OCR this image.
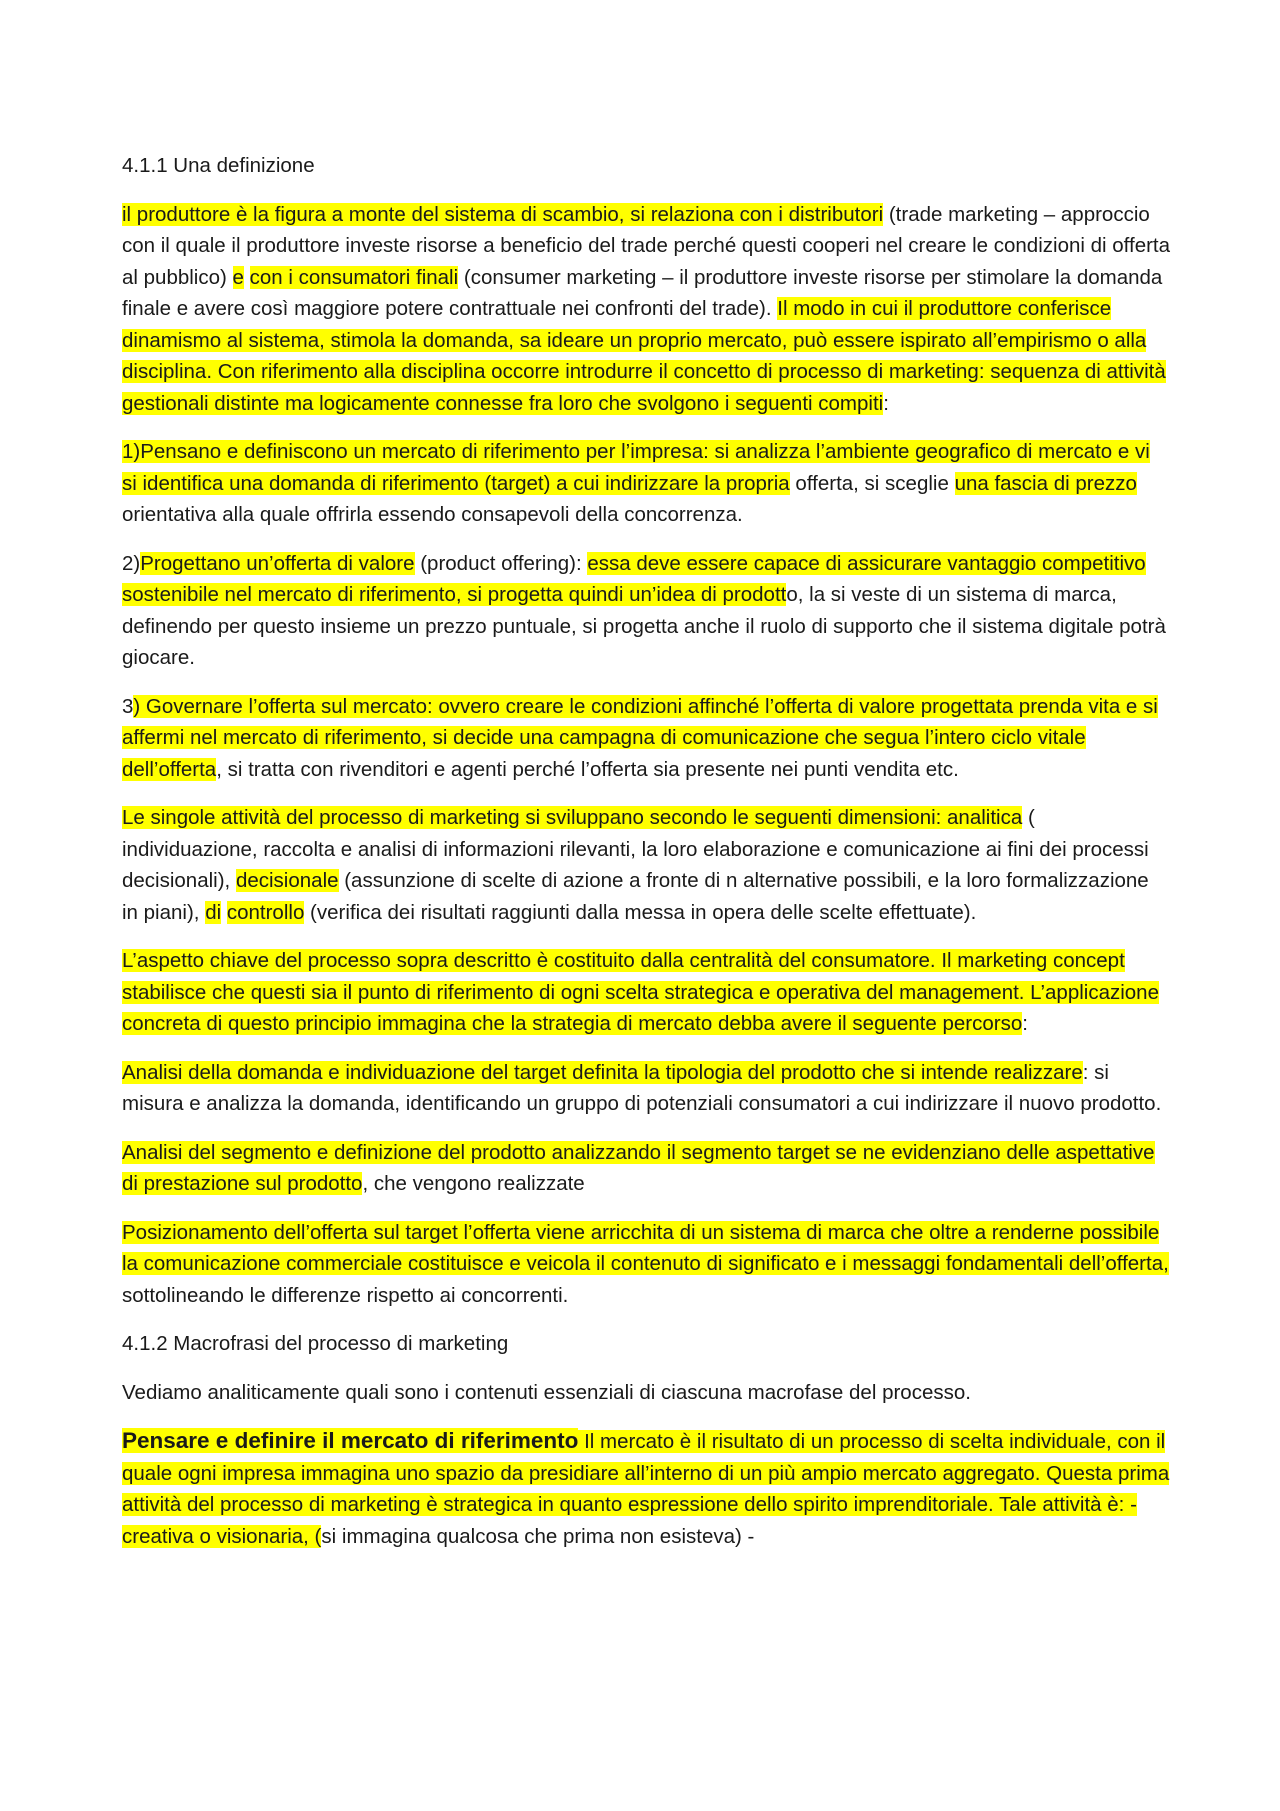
4.1.1 Una definizione

il produttore è la figura a monte del sistema di scambio, si relaziona con i distributori (trade marketing – approccio con il quale il produttore investe risorse a beneficio del trade perché questi cooperi nel creare le condizioni di offerta al pubblico) e con i consumatori finali (consumer marketing – il produttore investe risorse per stimolare la domanda finale e avere così maggiore potere contrattuale nei confronti del trade). Il modo in cui il produttore conferisce dinamismo al sistema, stimola la domanda, sa ideare un proprio mercato, può essere ispirato all’empirismo o alla disciplina. Con riferimento alla disciplina occorre introdurre il concetto di processo di marketing: sequenza di attività gestionali distinte ma logicamente connesse fra loro che svolgono i seguenti compiti:

1)Pensano e definiscono un mercato di riferimento per l’impresa: si analizza l’ambiente geografico di mercato e vi si identifica una domanda di riferimento (target) a cui indirizzare la propria offerta, si sceglie una fascia di prezzo orientativa alla quale offrirla essendo consapevoli della concorrenza.

2)Progettano un’offerta di valore (product offering): essa deve essere capace di assicurare vantaggio competitivo sostenibile nel mercato di riferimento, si progetta quindi un’idea di prodotto, la si veste di un sistema di marca, definendo per questo insieme un prezzo puntuale, si progetta anche il ruolo di supporto che il sistema digitale potrà giocare.

3) Governare l’offerta sul mercato: ovvero creare le condizioni affinché l’offerta di valore progettata prenda vita e si affermi nel mercato di riferimento, si decide una campagna di comunicazione che segua l’intero ciclo vitale dell’offerta, si tratta con rivenditori e agenti perché l’offerta sia presente nei punti vendita etc.

Le singole attività del processo di marketing si sviluppano secondo le seguenti dimensioni: analitica ( individuazione, raccolta e analisi di informazioni rilevanti, la loro elaborazione e comunicazione ai fini dei processi decisionali), decisionale (assunzione di scelte di azione a fronte di n alternative possibili, e la loro formalizzazione in piani), di controllo (verifica dei risultati raggiunti dalla messa in opera delle scelte effettuate).

L’aspetto chiave del processo sopra descritto è costituito dalla centralità del consumatore. Il marketing concept stabilisce che questi sia il punto di riferimento di ogni scelta strategica e operativa del management. L’applicazione concreta di questo principio immagina che la strategia di mercato debba avere il seguente percorso:

Analisi della domanda e individuazione del target definita la tipologia del prodotto che si intende realizzare: si misura e analizza la domanda, identificando un gruppo di potenziali consumatori a cui indirizzare il nuovo prodotto.

Analisi del segmento e definizione del prodotto analizzando il segmento target se ne evidenziano delle aspettative di prestazione sul prodotto, che vengono realizzate

Posizionamento dell’offerta sul target l’offerta viene arricchita di un sistema di marca che oltre a renderne possibile la comunicazione commerciale costituisce e veicola il contenuto di significato e i messaggi fondamentali dell’offerta, sottolineando le differenze rispetto ai concorrenti.

4.1.2 Macrofrasi del processo di marketing

Vediamo analiticamente quali sono i contenuti essenziali di ciascuna macrofase del processo.

Pensare e definire il mercato di riferimento Il mercato è il risultato di un processo di scelta individuale, con il quale ogni impresa immagina uno spazio da presidiare all’interno di un più ampio mercato aggregato. Questa prima attività del processo di marketing è strategica in quanto espressione dello spirito imprenditoriale. Tale attività è: - creativa o visionaria, (si immagina qualcosa che prima non esisteva) -
